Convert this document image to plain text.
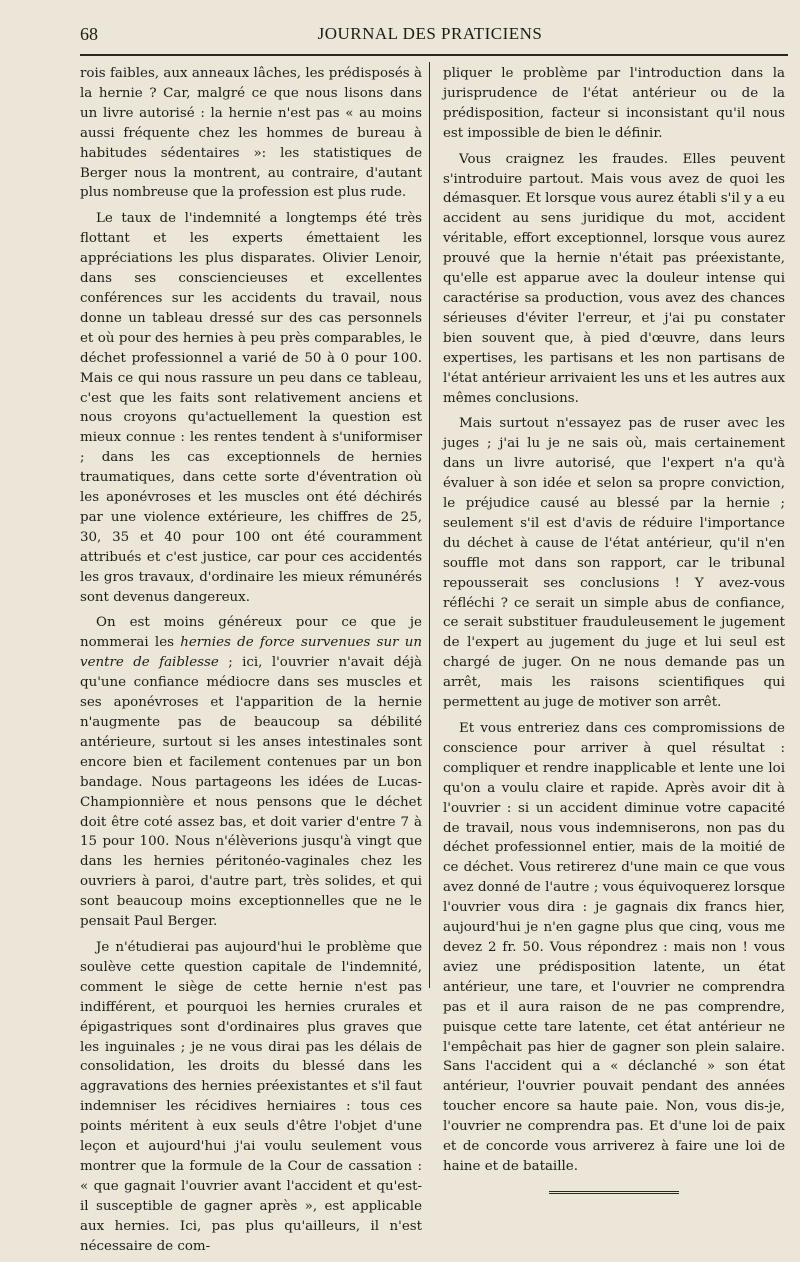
68	JOURNAL DES PRATICIENS

rois faibles, aux anneaux lâches, les prédisposés à la hernie ? Car, malgré ce que nous lisons dans un livre autorisé : la hernie n'est pas « au moins aussi fréquente chez les hommes de bureau à habitudes sédentaires »: les statistiques de Berger nous la montrent, au contraire, d'autant plus nombreuse que la profession est plus rude.

Le taux de l'indemnité a longtemps été très flottant et les experts émettaient les appréciations les plus disparates. Olivier Lenoir, dans ses consciencieuses et excellentes conférences sur les accidents du travail, nous donne un tableau dressé sur des cas personnels et où pour des hernies à peu près comparables, le déchet professionnel a varié de 50 à 0 pour 100. Mais ce qui nous rassure un peu dans ce tableau, c'est que les faits sont relativement anciens et nous croyons qu'actuellement la question est mieux connue : les rentes tendent à s'uniformiser ; dans les cas exceptionnels de hernies traumatiques, dans cette sorte d'éventration où les aponévroses et les muscles ont été déchirés par une violence extérieure, les chiffres de 25, 30, 35 et 40 pour 100 ont été couramment attribués et c'est justice, car pour ces accidentés les gros travaux, d'ordinaire les mieux rémunérés sont devenus dangereux.

On est moins généreux pour ce que je nommerai les hernies de force survenues sur un ventre de faiblesse ; ici, l'ouvrier n'avait déjà qu'une confiance médiocre dans ses muscles et ses aponévroses et l'apparition de la hernie n'augmente pas de beaucoup sa débilité antérieure, surtout si les anses intestinales sont encore bien et facilement contenues par un bon bandage. Nous partageons les idées de Lucas-Championnière et nous pensons que le déchet doit être coté assez bas, et doit varier d'entre 7 à 15 pour 100. Nous n'élèverions jusqu'à vingt que dans les hernies péritonéo-vaginales chez les ouvriers à paroi, d'autre part, très solides, et qui sont beaucoup moins exceptionnelles que ne le pensait Paul Berger.

Je n'étudierai pas aujourd'hui le problème que soulève cette question capitale de l'indemnité, comment le siège de cette hernie n'est pas indifférent, et pourquoi les hernies crurales et épigastriques sont d'ordinaires plus graves que les inguinales ; je ne vous dirai pas les délais de consolidation, les droits du blessé dans les aggravations des hernies préexistantes et s'il faut indemniser les récidives herniaires : tous ces points méritent à eux seuls d'être l'objet d'une leçon et aujourd'hui j'ai voulu seulement vous montrer que la formule de la Cour de cassation : « que gagnait l'ouvrier avant l'accident et qu'est-il susceptible de gagner après », est applicable aux hernies. Ici, pas plus qu'ailleurs, il n'est nécessaire de com-

pliquer le problème par l'introduction dans la jurisprudence de l'état antérieur ou de la prédisposition, facteur si inconsistant qu'il nous est impossible de bien le définir.

Vous craignez les fraudes. Elles peuvent s'introduire partout. Mais vous avez de quoi les démasquer. Et lorsque vous aurez établi s'il y a eu accident au sens juridique du mot, accident véritable, effort exceptionnel, lorsque vous aurez prouvé que la hernie n'était pas préexistante, qu'elle est apparue avec la douleur intense qui caractérise sa production, vous avez des chances sérieuses d'éviter l'erreur, et j'ai pu constater bien souvent que, à pied d'œuvre, dans leurs expertises, les partisans et les non partisans de l'état antérieur arrivaient les uns et les autres aux mêmes conclusions.

Mais surtout n'essayez pas de ruser avec les juges ; j'ai lu je ne sais où, mais certainement dans un livre autorisé, que l'expert n'a qu'à évaluer à son idée et selon sa propre conviction, le préjudice causé au blessé par la hernie ; seulement s'il est d'avis de réduire l'importance du déchet à cause de l'état antérieur, qu'il n'en souffle mot dans son rapport, car le tribunal repousserait ses conclusions ! Y avez-vous réfléchi ? ce serait un simple abus de confiance, ce serait substituer frauduleusement le jugement de l'expert au jugement du juge et lui seul est chargé de juger. On ne nous demande pas un arrêt, mais les raisons scientifiques qui permettent au juge de motiver son arrêt.

Et vous entreriez dans ces compromissions de conscience pour arriver à quel résultat : compliquer et rendre inapplicable et lente une loi qu'on a voulu claire et rapide. Après avoir dit à l'ouvrier : si un accident diminue votre capacité de travail, nous vous indemniserons, non pas du déchet professionnel entier, mais de la moitié de ce déchet. Vous retirerez d'une main ce que vous avez donné de l'autre ; vous équivoquerez lorsque l'ouvrier vous dira : je gagnais dix francs hier, aujourd'hui je n'en gagne plus que cinq, vous me devez 2 fr. 50. Vous répondrez : mais non ! vous aviez une prédisposition latente, un état antérieur, une tare, et l'ouvrier ne comprendra pas et il aura raison de ne pas comprendre, puisque cette tare latente, cet état antérieur ne l'empêchait pas hier de gagner son plein salaire. Sans l'accident qui a « déclanché » son état antérieur, l'ouvrier pouvait pendant des années toucher encore sa haute paie. Non, vous dis-je, l'ouvrier ne comprendra pas. Et d'une loi de paix et de concorde vous arriverez à faire une loi de haine et de bataille.
